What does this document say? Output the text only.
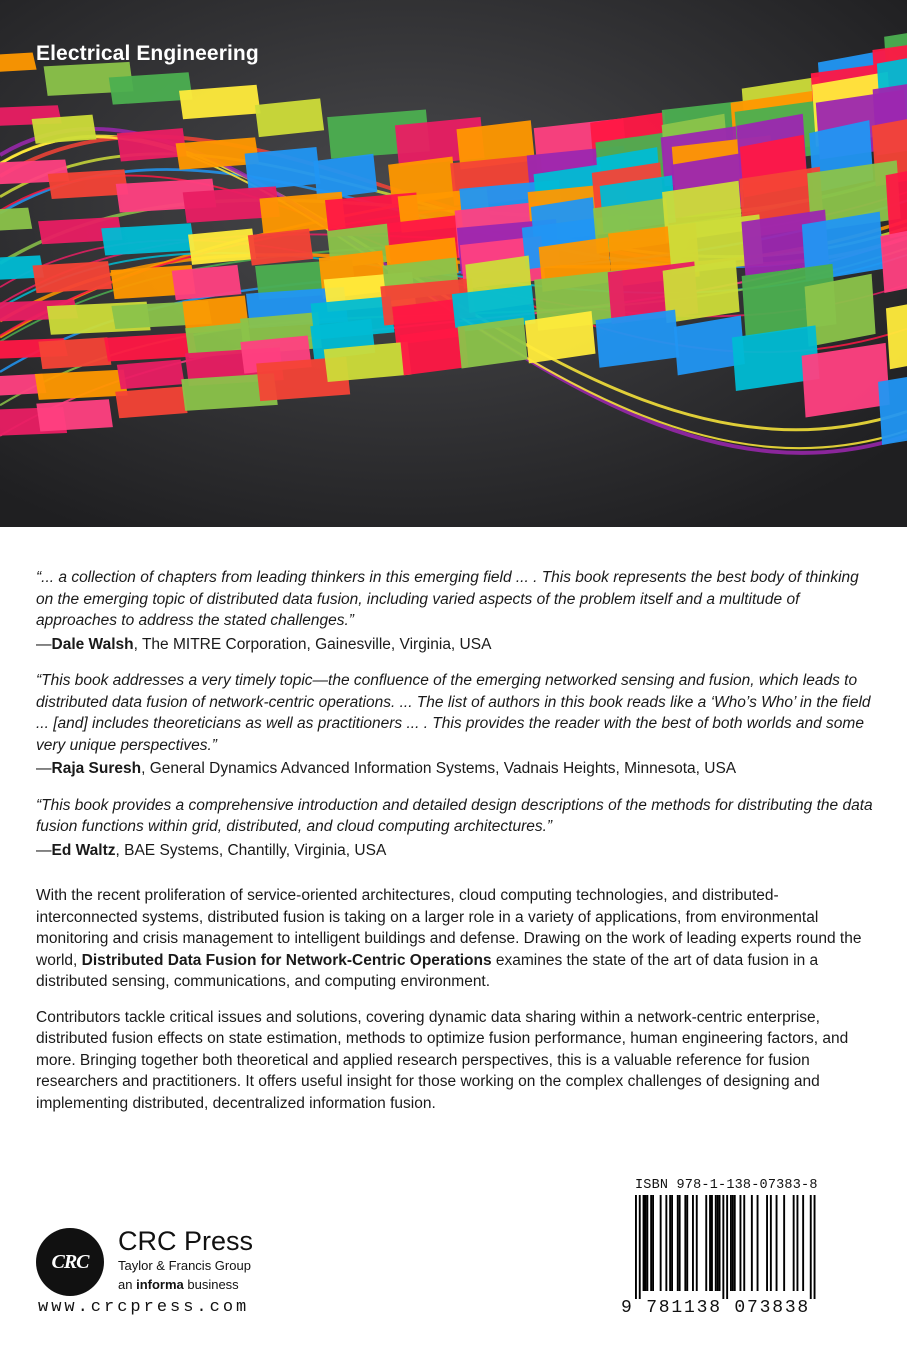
Electrical Engineering

“... a collection of chapters from leading thinkers in this emerging field ... . This book represents the best body of thinking on the emerging topic of distributed data fusion, including varied aspects of the problem itself and a multitude of approaches to address the stated challenges.”

—Dale Walsh, The MITRE Corporation, Gainesville, Virginia, USA

“This book addresses a very timely topic—the confluence of the emerging networked sensing and fusion, which leads to distributed data fusion of network-centric operations. ... The list of authors in this book reads like a ‘Who’s Who’ in the field ... [and] includes theoreticians as well as practitioners ... . This provides the reader with the best of both worlds and some very unique perspectives.”

—Raja Suresh, General Dynamics Advanced Information Systems, Vadnais Heights, Minnesota, USA

“This book provides a comprehensive introduction and detailed design descriptions of the methods for distributing the data fusion functions within grid, distributed, and cloud computing architectures.”

—Ed Waltz, BAE Systems, Chantilly, Virginia, USA

With the recent proliferation of service-oriented architectures, cloud computing technologies, and distributed-interconnected systems, distributed fusion is taking on a larger role in a variety of applications, from environmental monitoring and crisis management to intelligent buildings and defense. Drawing on the work of leading experts round the world, Distributed Data Fusion for Network-Centric Operations examines the state of the art of data fusion in a distributed sensing, communications, and computing environment.

Contributors tackle critical issues and solutions, covering dynamic data sharing within a network-centric enterprise, distributed fusion effects on state estimation, methods to optimize fusion performance, human engineering factors, and more. Bringing together both theoretical and applied research perspectives, this is a valuable reference for fusion researchers and practitioners. It offers useful insight for those working on the complex challenges of designing and implementing distributed, decentralized information fusion.

CRC
CRC Press
Taylor & Francis Group
an informa business
www.crcpress.com
ISBN 978-1-138-07383-8
9 781138 073838
